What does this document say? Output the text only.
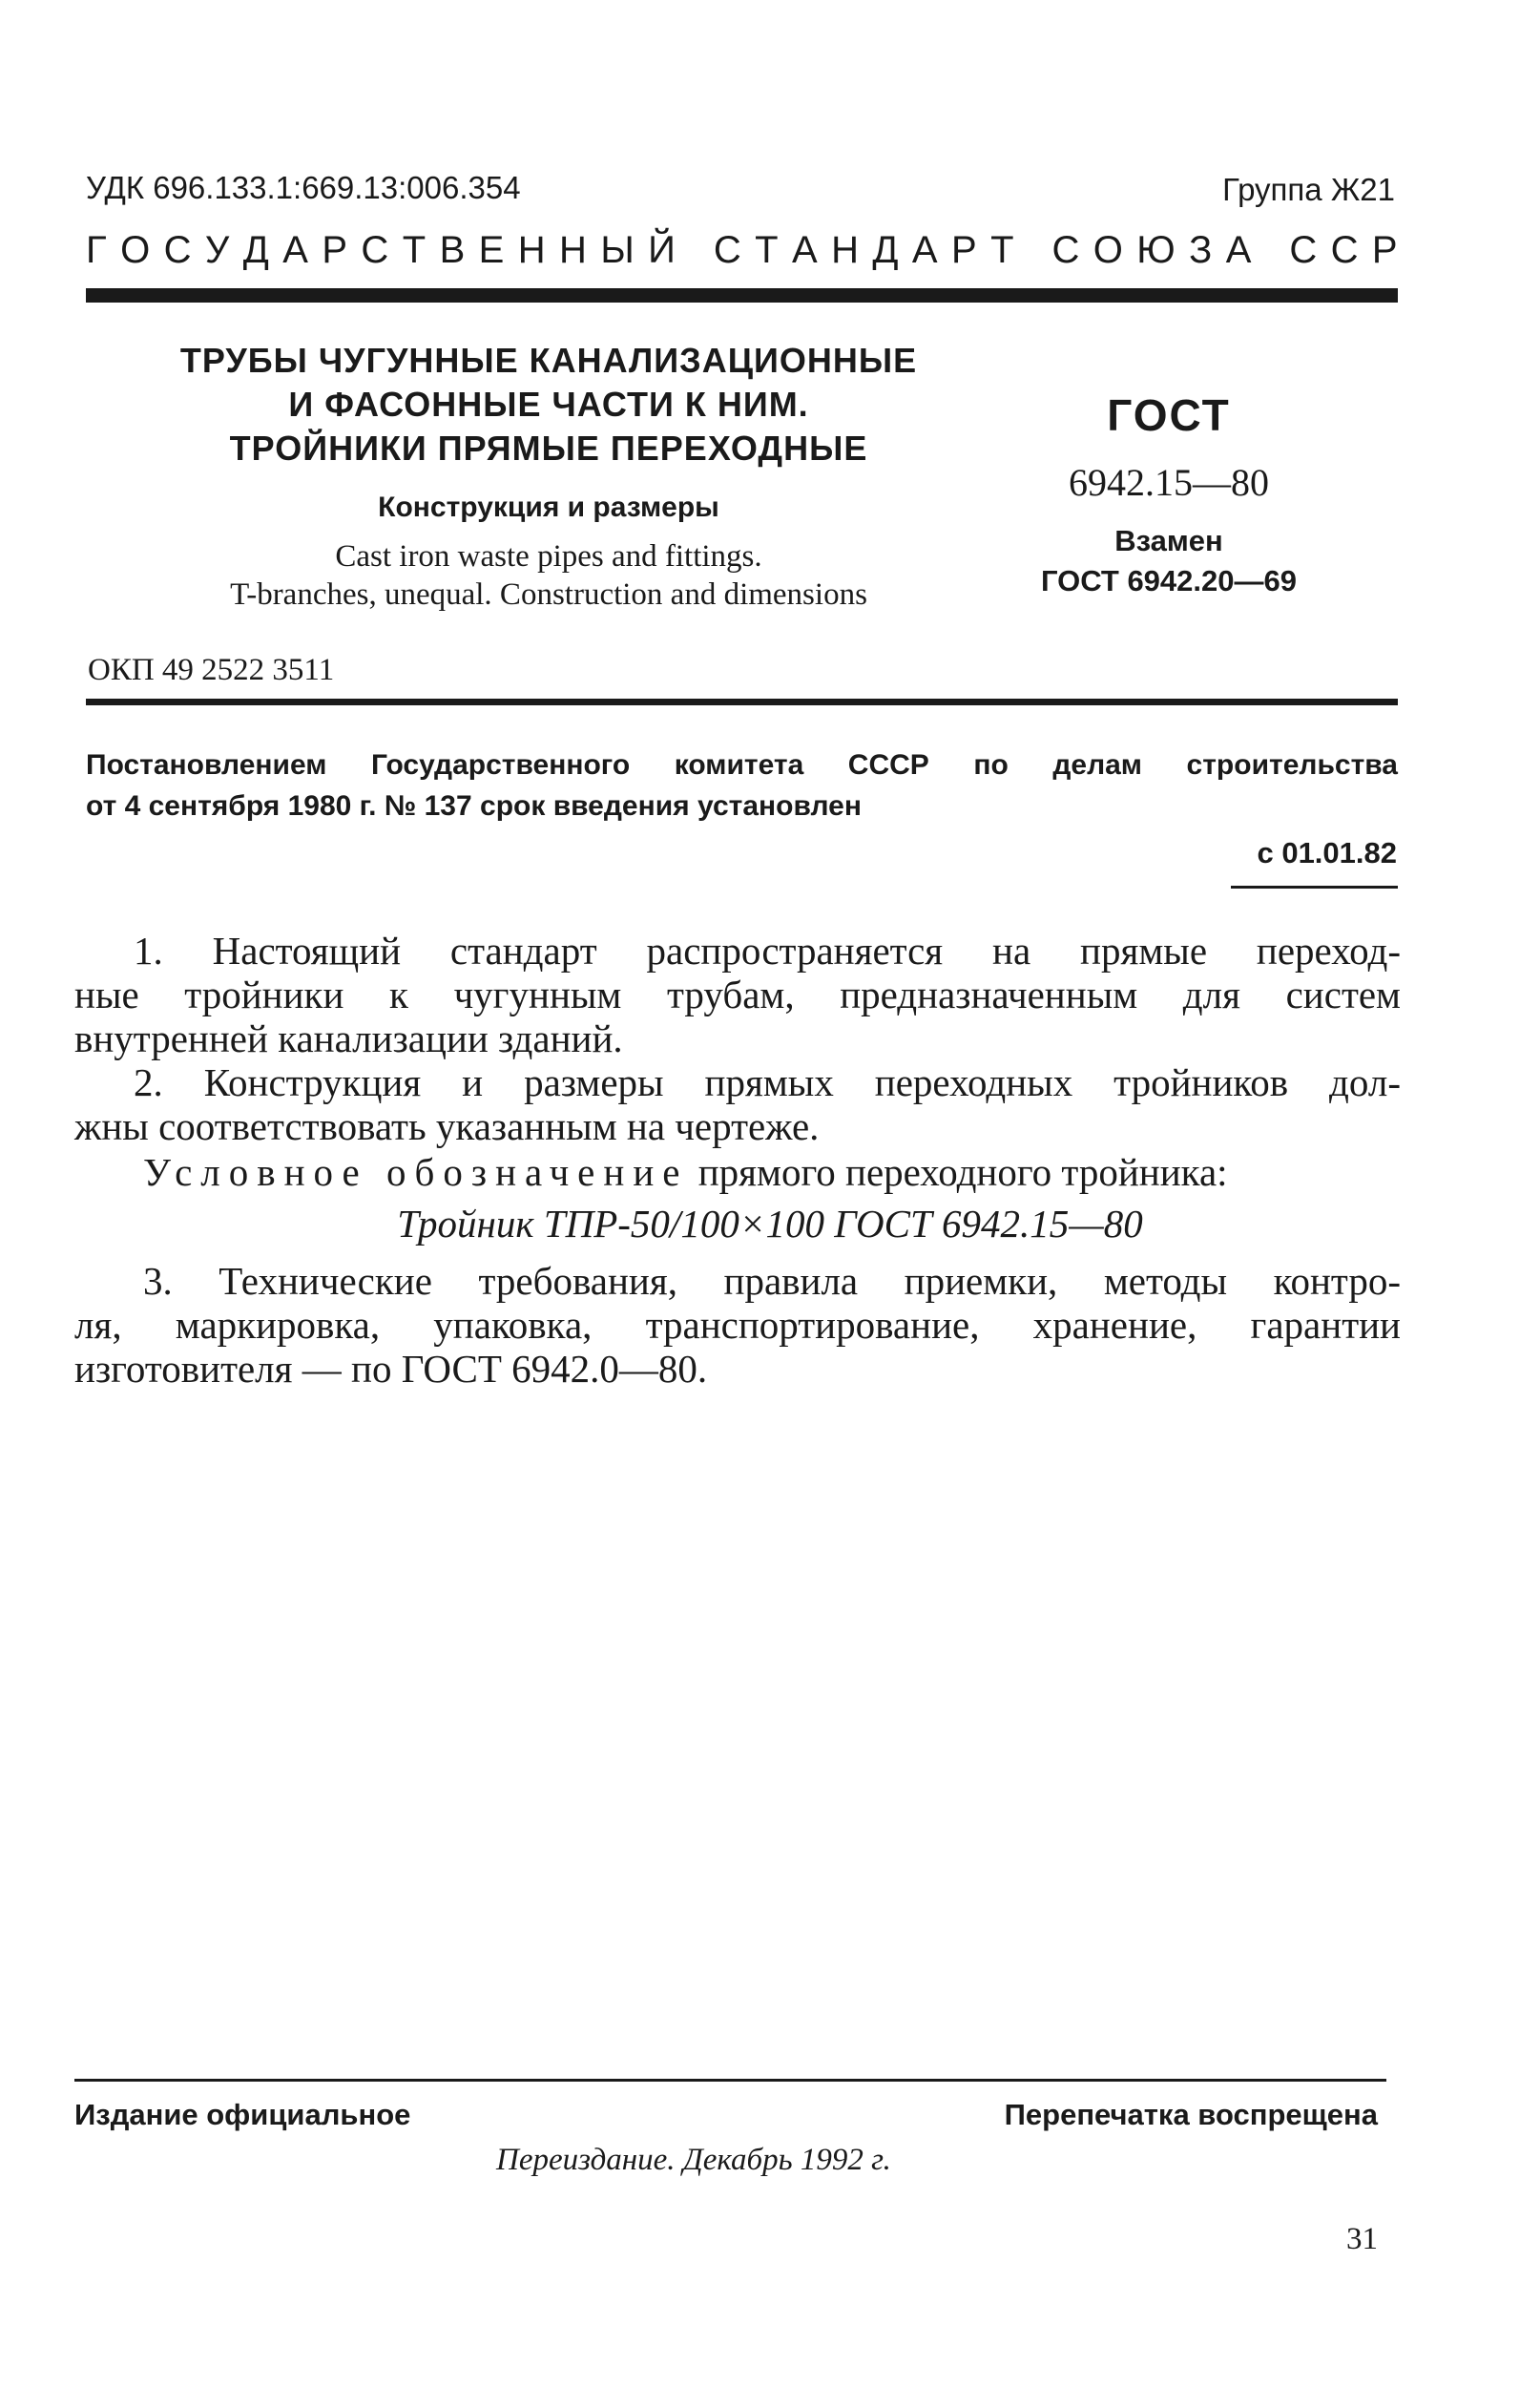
УДК 696.133.1:669.13:006.354	Группа Ж21
Г О С У Д А Р С Т В Е Н Н Ы Й
С Т А Н Д А Р Т
С О Ю З А
С С Р
ТРУБЫ ЧУГУННЫЕ КАНАЛИЗАЦИОННЫЕ
И ФАСОННЫЕ ЧАСТИ К НИМ.
ТРОЙНИКИ ПРЯМЫЕ ПЕРЕХОДНЫЕ
Конструкция и размеры
Cast iron waste pipes and fittings.
T-branches, unequal. Construction and dimensions
ГОСТ
6942.15—80
Взамен
ГОСТ 6942.20—69
ОКП 49 2522 3511
Постановлением Государственного комитета СССР по делам строительства
от 4 сентября 1980 г. № 137 срок введения установлен
с 01.01.82
1. Настоящий стандарт распространяется на прямые переход-
ные тройники к чугунным трубам, предназначенным для систем
внутренней канализации зданий.
2. Конструкция и размеры прямых переходных тройников дол-
жны соответствовать указанным на чертеже.
Условное обозначение прямого переходного тройника:
Тройник ТПР-50/100×100 ГОСТ 6942.15—80
3. Технические требования, правила приемки, методы контро-
ля, маркировка, упаковка, транспортирование, хранение, гарантии
изготовителя — по ГОСТ 6942.0—80.
Издание официальное	Перепечатка воспрещена
Переиздание. Декабрь 1992 г.
31
